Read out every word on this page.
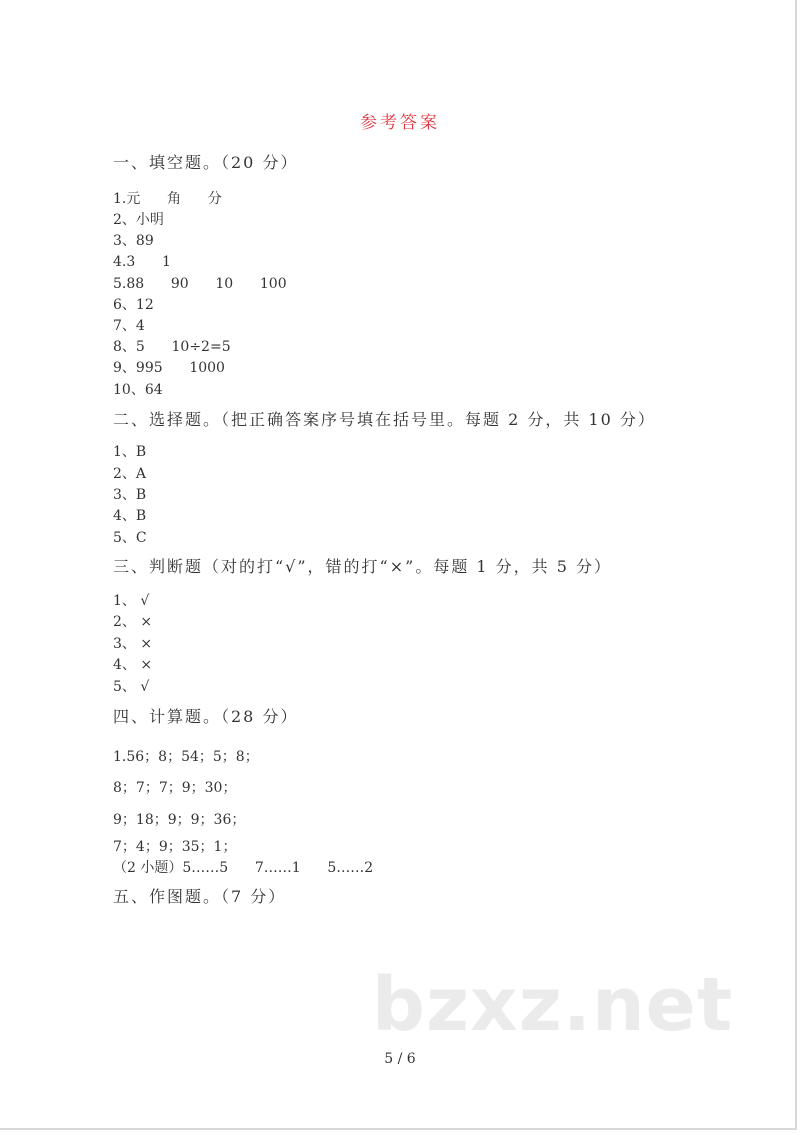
参考答案
一、填空题。（20 分）
1.元      角      分
2、小明
3、89
4.3      1
5.88      90      10      100
6、12
7、4
8、5      10÷2=5
9、995      1000
10、64
二、选择题。（把正确答案序号填在括号里。每题 2 分，共 10 分）
1、B
2、A
3、B
4、B
5、C
三、判断题（对的打“√”，错的打“×”。每题 1 分，共 5 分）
1、 √
2、 ×
3、 ×
4、 ×
5、 √
四、计算题。（28 分）
1.56；8；54；5；8；
8；7；7；9；30；
9；18；9；9；36；
7；4；9；35；1；
（2 小题）5……5      7……1      5……2
五、作图题。（7 分）
bzxz.net
5 / 6
